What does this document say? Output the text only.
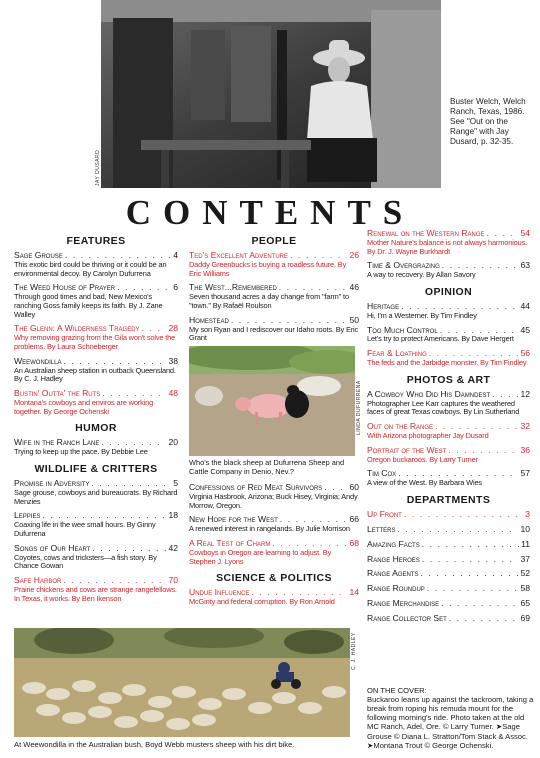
JAY DUSARD
Buster Welch, Welch Ranch, Texas, 1986. See "Out on the Range" with Jay Dusard, p. 32-35.
CONTENTS
FEATURES
Sage Grouse . . .	4
This exotic bird could be thriving or it could be an environmental decoy. By Carolyn Dufurrena
The Weed House of Prayer . . .	6
Through good times and bad, New Mexico's ranching Goss family keeps its faith. By J. Zane Walley
The Glenn: A Wilderness Tragedy . . .	28
Why removing grazing from the Gila won't solve the problems. By Laura Schneberger
Weewondilla . . .	38
An Australian sheep station in outback Queensland. By C. J. Hadley
Bustin' Outta' the Ruts . . .	48
Montana's cowboys and enviros are working together. By George Ochenski
HUMOR
Wife in the Ranch Lane . . .	20
Trying to keep up the pace. By Debbie Lee
WILDLIFE & CRITTERS
Promise in Adversity . . .	5
Sage grouse, cowboys and bureaucrats. By Richard Menzies
Leppies . . .	18
Coaxing life in the wee small hours. By Ginny Dufurrena
Songs of Our Heart . . .	42
Coyotes, cows and tricksters—a fish story. By Chance Gowan
Safe Harbor . . .	70
Prairie chickens and cows are strange rangefellows. In Texas, it works. By Ben Ikenson
PEOPLE
Ted's Excellent Adventure . . .	26
Daddy Greenbucks is buying a roadless future. By Eric Williams
The West...Remembered . . .	46
Seven thousand acres a day change from "farm" to "town." By Rafaël Roulson
Homestead . . .	50
My son Ryan and I rediscover our Idaho roots. By Eric Grant
Confessions of Red Meat Survivors . . .	60
Virginia Hasbrook, Arizona; Buck Hisey, Virginia; Andy Morrow, Oregon.
New Hope for the West . . .	66
A renewed interest in rangelands. By Julie Morrison
A Real Test of Charm . . .	68
Cowboys in Oregon are learning to adjust. By Stephen J. Lyons
SCIENCE & POLITICS
Undue Influence . . .	14
McGinty and federal corruption. By Ron Arnold
Renewal on the Western Range . . .	54
Mother Nature's balance is not always harmonious. By Dr. J. Wayne Burkhardt
Time & Overgrazing . . .	63
A way to recovery. By Allan Savory
OPINION
Heritage . . .	44
Hi, I'm a Westerner. By Tim Findley
Too Much Control . . .	45
Let's try to protect Americans. By Dave Hergert
Fear & Loathing . . .	56
The feds and the Jarbidge monster. By Tim Findley
PHOTOS & ART
A Cowboy Who Did His Damndest . . .	12
Photographer Lee Karr captures the weathered faces of great Texas cowboys. By Lin Sutherland
Out on the Range . . .	32
With Arizona photographer Jay Dusard
Portrait of the West . . .	36
Oregon buckaroos. By Larry Turner
Tim Cox . . .	57
A view of the West. By Barbara Wies
DEPARTMENTS
Up Front . . .	3
Letters . . .	10
Amazing Facts . . .	11
Range Heroes . . .	37
Range Agents . . .	52
Range Roundup . . .	58
Range Merchandise . . .	65
Range Collector Set . . .	69
LINDA DUFURRENA
Who's the black sheep at Dufurrena Sheep and Cattle Company in Denio, Nev.?
C. J. HADLEY
At Weewondilla in the Australian bush, Boyd Webb musters sheep with his dirt bike.
ON THE COVER:
Buckaroo leans up against the tackroom, taking a break from roping his remuda mount for the following morning's ride. Photo taken at the old MC Ranch, Adel, Ore. © Larry Turner. ➤Sage Grouse © Diana L. Stratton/Tom Stack & Assoc. ➤Montana Trout © George Ochenski.
